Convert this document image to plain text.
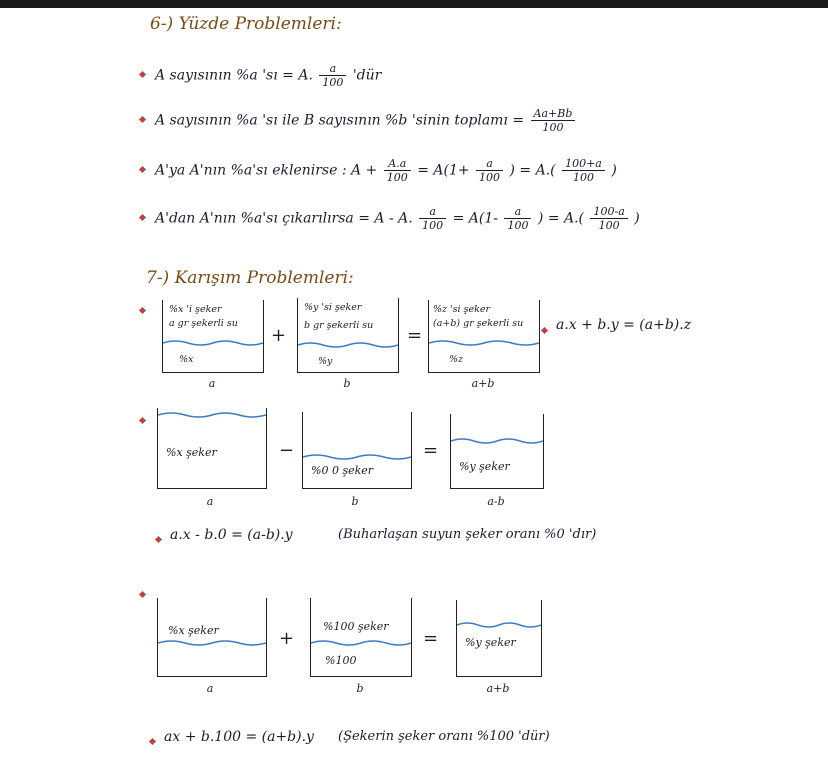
6-) Yüzde Problemleri:
A sayısının %a 'sı = A. $\frac{a}{100}$ 'dür
A sayısının %a 'sı ile B sayısının %b 'sinin toplamı = $\frac{Aa+Bb}{100}$
A'ya A'nın %a'sı eklenirse : $A + \frac{A.a}{100} = A(1+ \frac{a}{100}$ ) = $A.( \frac{100+a}{100}$ )
A'dan A'nın %a'sı çıkarılırsa = A - A. $\frac{a}{100} = A(1- \frac{a}{100}$ ) = $A.( \frac{100-a}{100}$ )
7-) Karışım Problemleri:
%x 'i şeker
a gr şekerli su
%x
a
+
%y 'si şeker
b gr şekerli su
%y
b
=
%z 'si şeker
(a+b) gr şekerli su
%z
a+b
a.x + b.y = (a+b).z
%x şeker
a
−
%0 0 şeker
b
=
%y şeker
a-b
a.x - b.0 = (a-b).y	(Buharlaşan suyun şeker oranı %0 'dır)
%x şeker
a
+
%100 şeker
%100
b
= %y şeker
a+b
ax + b.100 = (a+b).y (Şekerin şeker oranı %100 'dür)
